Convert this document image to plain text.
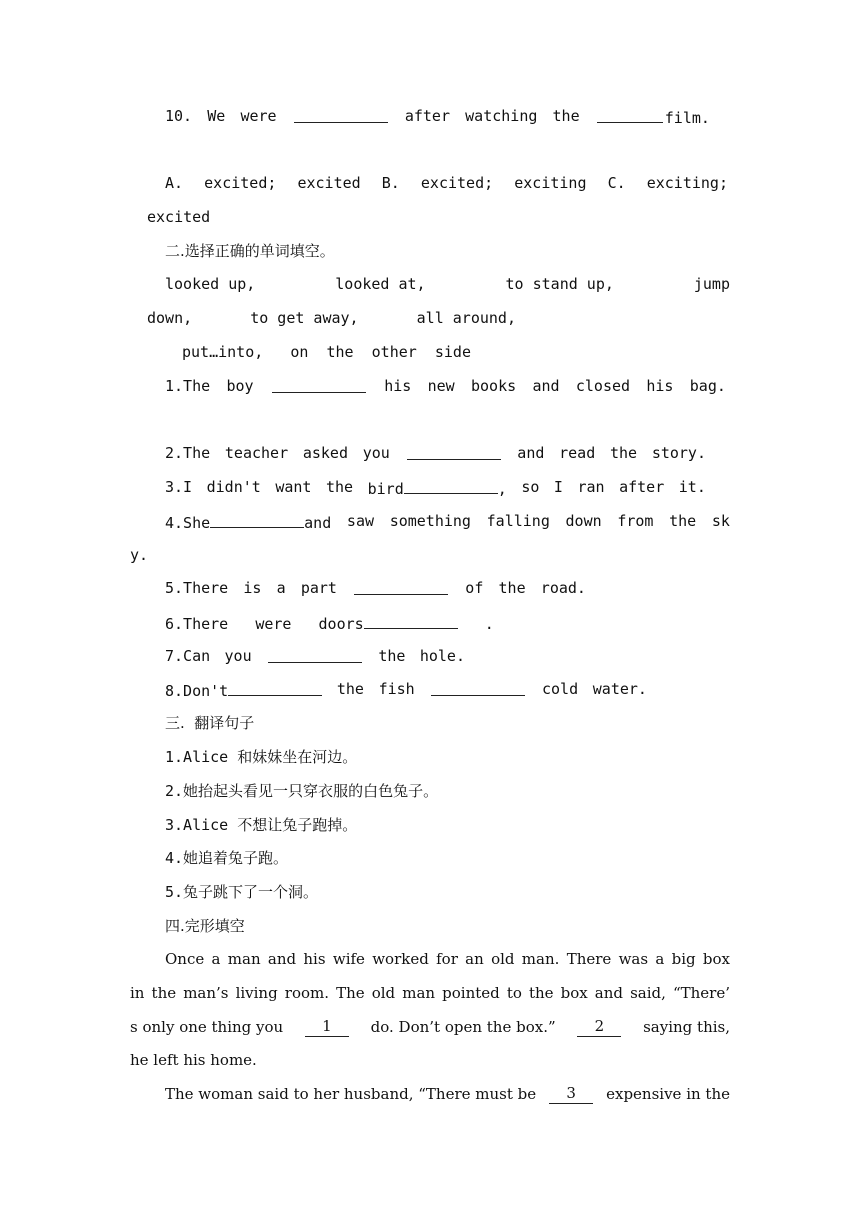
10. We were	after watching the	film.
A. excited; excited B. excited; exciting C. exciting;
excited
二.选择正确的单词填空。
looked up,	looked at,	to stand up,	jump
down,	to get away,	all around,
put…into,   on  the  other  side
1.The boy	his new books and closed his bag.
2.The teacher asked you	and read the story.
3.I didn't want the bird	, so I ran after it.
4.She	and saw something falling down from the sk
y.
5.There is a part	of the road.
6.There were doors	.
7.Can you	the hole.
8.Don't	the fish	cold water.
三.  翻译句子
1.Alice 和妹妹坐在河边。
2.她抬起头看见一只穿衣服的白色兔子。
3.Alice 不想让兔子跑掉。
4.她追着兔子跑。
5.兔子跳下了一个洞。
四.完形填空
Once a man and his wife worked for an old man. There was a big box
in the man’s living room. The old man pointed to the box and said, “There’
s only one thing you	1	do. Don’t open the box.”	2	saying this,
he left his home.
The woman said to her husband, “There must be	3	expensive in the
